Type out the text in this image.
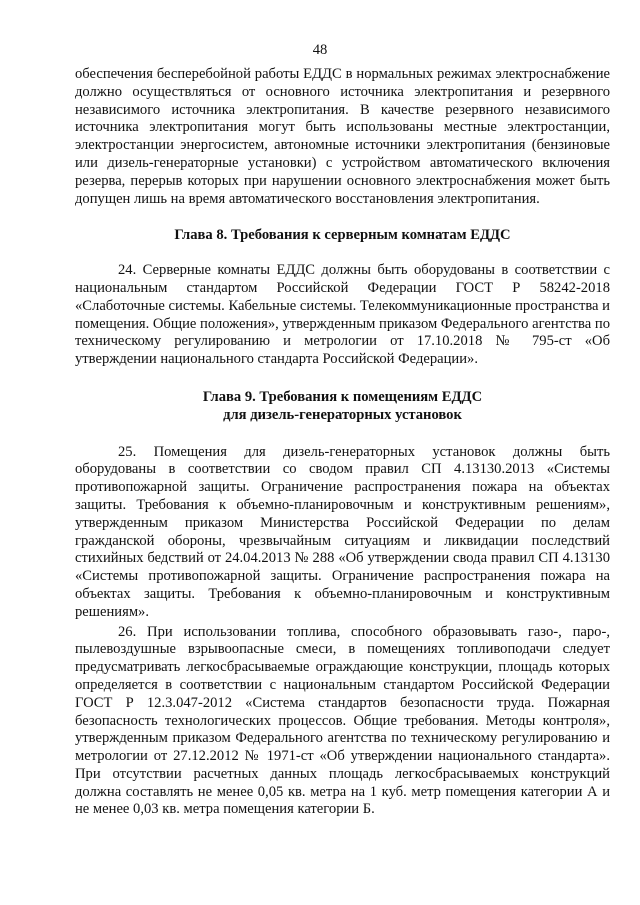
48

обеспечения бесперебойной работы ЕДДС в нормальных режимах электроснабжение должно осуществляться от основного источника электропитания и резервного независимого источника электропитания. В качестве резервного независимого источника электропитания могут быть использованы местные электростанции, электростанции энергосистем, автономные источники электропитания (бензиновые или дизель-генераторные установки) с устройством автоматического включения резерва, перерыв которых при нарушении основного электроснабжения может быть допущен лишь на время автоматического восстановления электропитания.

Глава 8. Требования к серверным комнатам ЕДДС

24. Серверные комнаты ЕДДС должны быть оборудованы в соответствии с национальным стандартом Российской Федерации ГОСТ Р 58242-2018 «Слаботочные системы. Кабельные системы. Телекоммуникационные пространства и помещения. Общие положения», утвержденным приказом Федерального агентства по техническому регулированию и метрологии от 17.10.2018 № 795-ст «Об утверждении национального стандарта Российской Федерации».

Глава 9. Требования к помещениям ЕДДС
для дизель-генераторных установок

25. Помещения для дизель-генераторных установок должны быть оборудованы в соответствии со сводом правил СП 4.13130.2013 «Системы противопожарной защиты. Ограничение распространения пожара на объектах защиты. Требования к объемно-планировочным и конструктивным решениям», утвержденным приказом Министерства Российской Федерации по делам гражданской обороны, чрезвычайным ситуациям и ликвидации последствий стихийных бедствий от 24.04.2013 № 288 «Об утверждении свода правил СП 4.13130 «Системы противопожарной защиты. Ограничение распространения пожара на объектах защиты. Требования к объемно-планировочным и конструктивным решениям».

26. При использовании топлива, способного образовывать газо-, паро-, пылевоздушные взрывоопасные смеси, в помещениях топливоподачи следует предусматривать легкосбрасываемые ограждающие конструкции, площадь которых определяется в соответствии с национальным стандартом Российской Федерации ГОСТ Р 12.3.047-2012 «Система стандартов безопасности труда. Пожарная безопасность технологических процессов. Общие требования. Методы контроля», утвержденным приказом Федерального агентства по техническому регулированию и метрологии от 27.12.2012 № 1971-ст «Об утверждении национального стандарта». При отсутствии расчетных данных площадь легкосбрасываемых конструкций должна составлять не менее 0,05 кв. метра на 1 куб. метр помещения категории А и не менее 0,03 кв. метра помещения категории Б.
